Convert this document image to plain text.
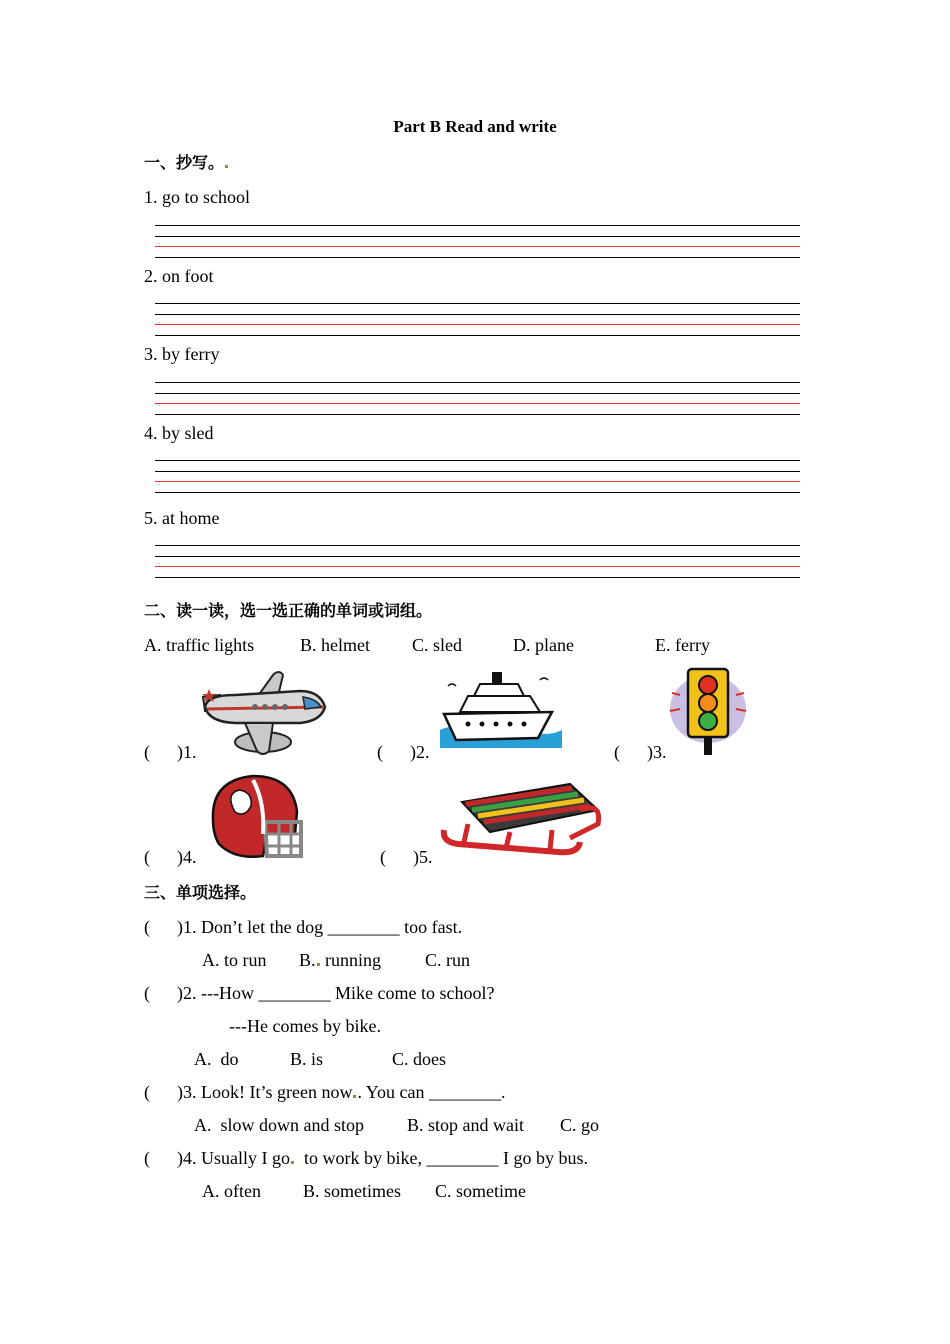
Part B Read and write
一、抄写。
1. go to school
2. on foot
3. by ferry
4. by sled
5. at home
二、读一读，选一选正确的单词或词组。
A. traffic lights	B. helmet C. sled	D. plane	E. ferry
( )1.	( )2.	( )3.
( )4.	( )5.
三、单项选择。
( )1. Don’t let the dog ________ too fast.
A. to run B. running C. run
( )2. ---How ________ Mike come to school?
---He comes by bike.
A.  do	B. is	C. does
( )3. Look! It’s green now . You can ________.
A.  slow down and stop B. stop and wait C. go
( )4. Usually I go  to work by bike, ________ I go by bus.
A. often B. sometimes C. sometime
